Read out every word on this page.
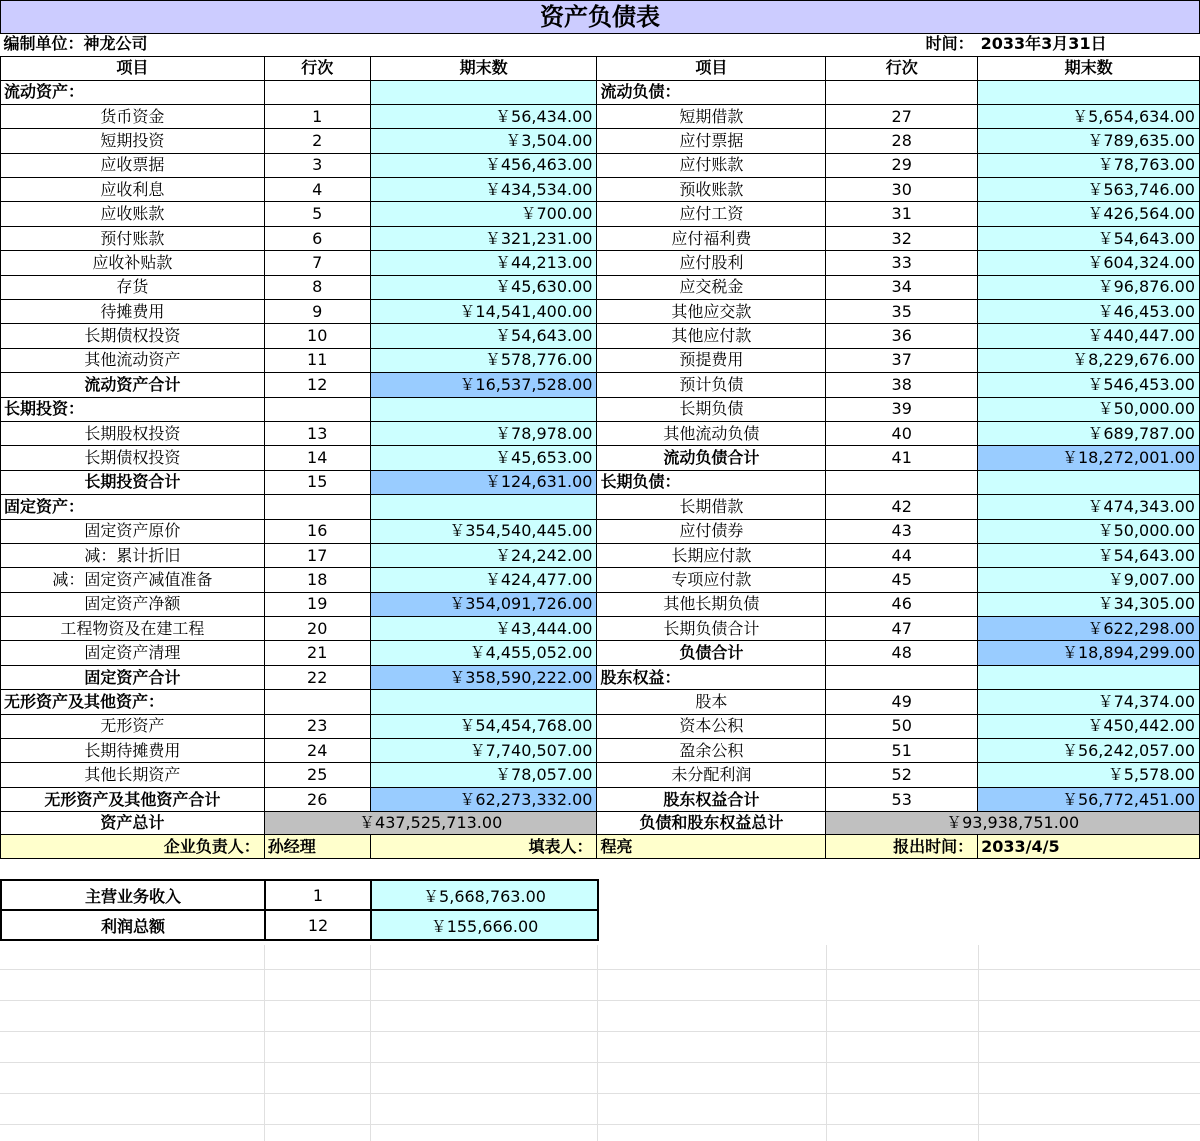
资产负债表
编制单位：神龙公司				时间：	2033年3月31日
项目	行次	期末数	项目	行次	期末数
流动资产：			流动负债：		
货币资金	1	￥56,434.00	短期借款	27	￥5,654,634.00
短期投资	2	￥3,504.00	应付票据	28	￥789,635.00
应收票据	3	￥456,463.00	应付账款	29	￥78,763.00
应收利息	4	￥434,534.00	预收账款	30	￥563,746.00
应收账款	5	￥700.00	应付工资	31	￥426,564.00
预付账款	6	￥321,231.00	应付福利费	32	￥54,643.00
应收补贴款	7	￥44,213.00	应付股利	33	￥604,324.00
存货	8	￥45,630.00	应交税金	34	￥96,876.00
待摊费用	9	￥14,541,400.00	其他应交款	35	￥46,453.00
长期债权投资	10	￥54,643.00	其他应付款	36	￥440,447.00
其他流动资产	11	￥578,776.00	预提费用	37	￥8,229,676.00
流动资产合计	12	￥16,537,528.00	预计负债	38	￥546,453.00
长期投资：			长期负债	39	￥50,000.00
长期股权投资	13	￥78,978.00	其他流动负债	40	￥689,787.00
长期债权投资	14	￥45,653.00	流动负债合计	41	￥18,272,001.00
长期投资合计	15	￥124,631.00	长期负债：		
固定资产：			长期借款	42	￥474,343.00
固定资产原价	16	￥354,540,445.00	应付债券	43	￥50,000.00
减：累计折旧	17	￥24,242.00	长期应付款	44	￥54,643.00
减：固定资产减值准备	18	￥424,477.00	专项应付款	45	￥9,007.00
固定资产净额	19	￥354,091,726.00	其他长期负债	46	￥34,305.00
工程物资及在建工程	20	￥43,444.00	长期负债合计	47	￥622,298.00
固定资产清理	21	￥4,455,052.00	负债合计	48	￥18,894,299.00
固定资产合计	22	￥358,590,222.00	股东权益：		
无形资产及其他资产：			股本	49	￥74,374.00
无形资产	23	￥54,454,768.00	资本公积	50	￥450,442.00
长期待摊费用	24	￥7,740,507.00	盈余公积	51	￥56,242,057.00
其他长期资产	25	￥78,057.00	未分配利润	52	￥5,578.00
无形资产及其他资产合计	26	￥62,273,332.00	股东权益合计	53	￥56,772,451.00
资产总计	￥437,525,713.00		负债和股东权益总计	￥93,938,751.00	
企业负责人：	孙经理	填表人：	程亮	报出时间：	2033/4/5
主营业务收入	1	￥5,668,763.00
利润总额	12	￥155,666.00
